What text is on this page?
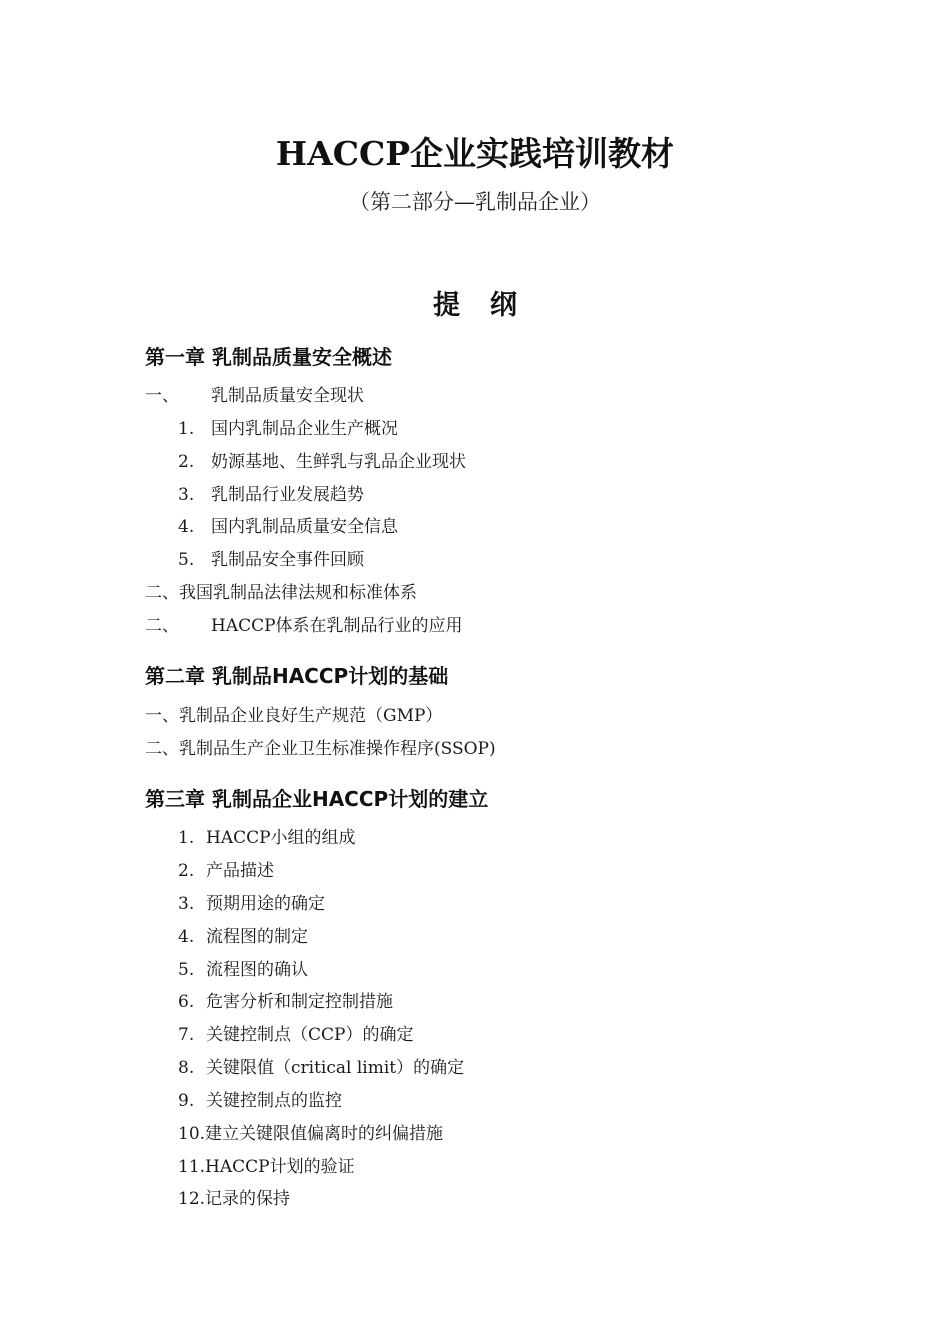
HACCP企业实践培训教材
（第二部分—乳制品企业）
提纲
第一章 乳制品质量安全概述
一、 乳制品质量安全现状
1. 国内乳制品企业生产概况
2. 奶源基地、生鲜乳与乳品企业现状
3. 乳制品行业发展趋势
4. 国内乳制品质量安全信息
5. 乳制品安全事件回顾
二、我国乳制品法律法规和标准体系
二、 HACCP体系在乳制品行业的应用
第二章 乳制品HACCP计划的基础
一、乳制品企业良好生产规范（GMP）
二、乳制品生产企业卫生标准操作程序(SSOP)
第三章 乳制品企业HACCP计划的建立
1. HACCP小组的组成
2. 产品描述
3. 预期用途的确定
4. 流程图的制定
5. 流程图的确认
6. 危害分析和制定控制措施
7. 关键控制点（CCP）的确定
8. 关键限值（critical limit）的确定
9. 关键控制点的监控
10.建立关键限值偏离时的纠偏措施
11.HACCP计划的验证
12.记录的保持
